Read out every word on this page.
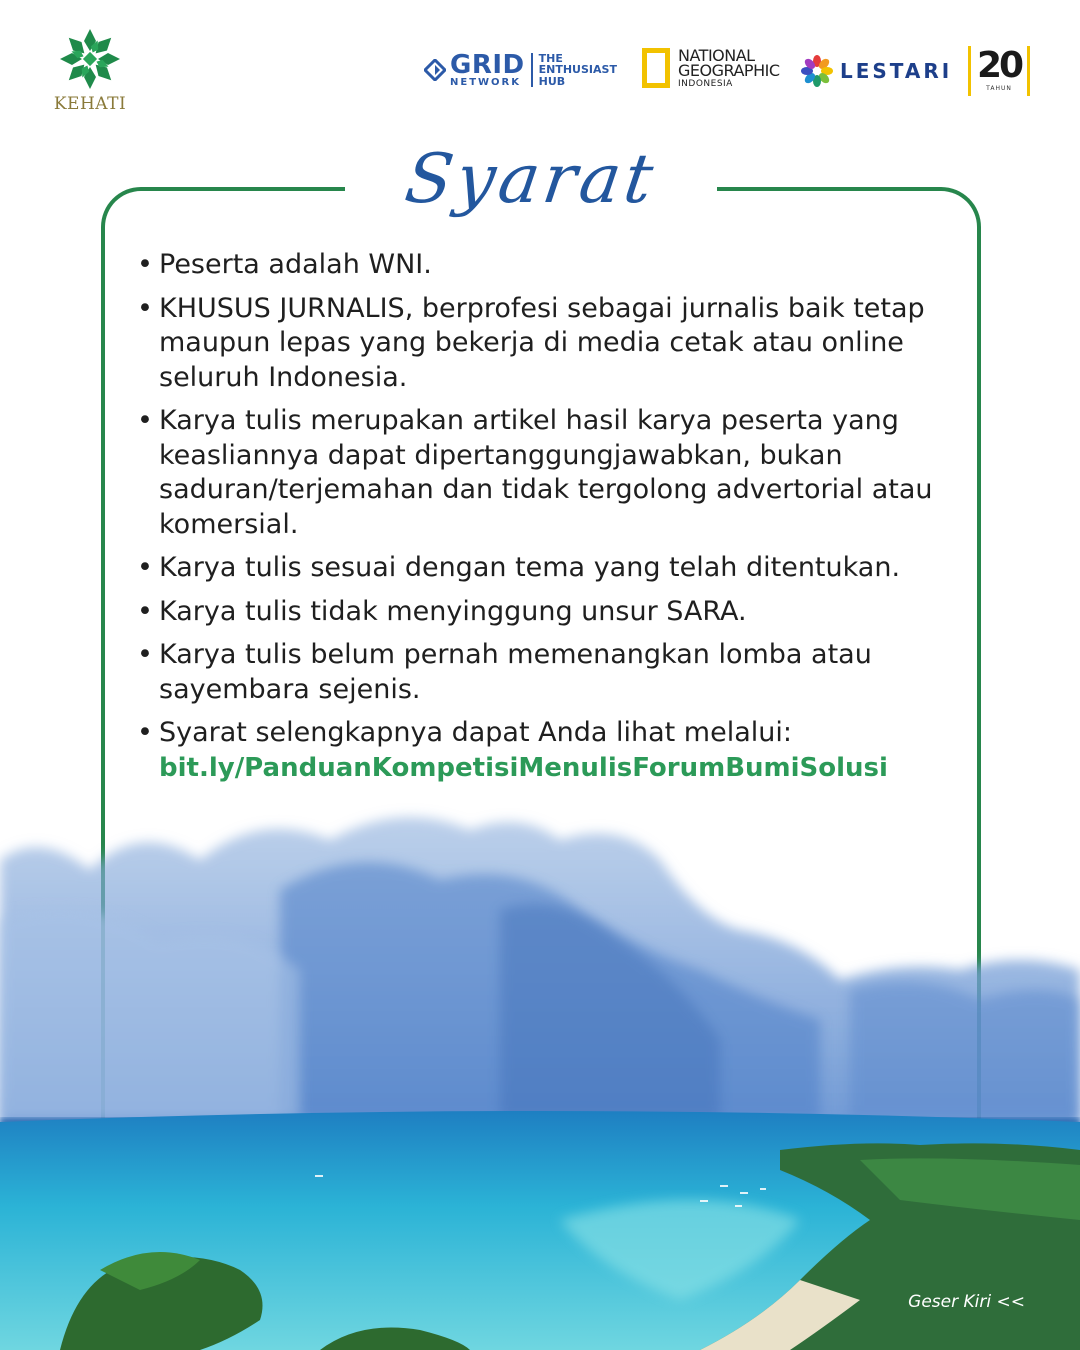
KEHATI
GRID
NETWORK
THE
ENTHUSIAST
HUB
NATIONAL
GEOGRAPHIC
INDONESIA
LESTARI 20
TAHUN
Syarat
• Peserta adalah WNI.
• KHUSUS JURNALIS, berprofesi sebagai jurnalis baik tetap maupun lepas yang bekerja di media cetak atau online seluruh Indonesia.
• Karya tulis merupakan artikel hasil karya peserta yang keasliannya dapat dipertanggungjawabkan, bukan saduran/terjemahan dan tidak tergolong advertorial atau komersial.
• Karya tulis sesuai dengan tema yang telah ditentukan.
• Karya tulis tidak menyinggung unsur SARA.
• Karya tulis belum pernah memenangkan lomba atau sayembara sejenis.
• Syarat selengkapnya dapat Anda lihat melalui:
bit.ly/PanduanKompetisiMenulisForumBumiSolusi
Geser Kiri <<
